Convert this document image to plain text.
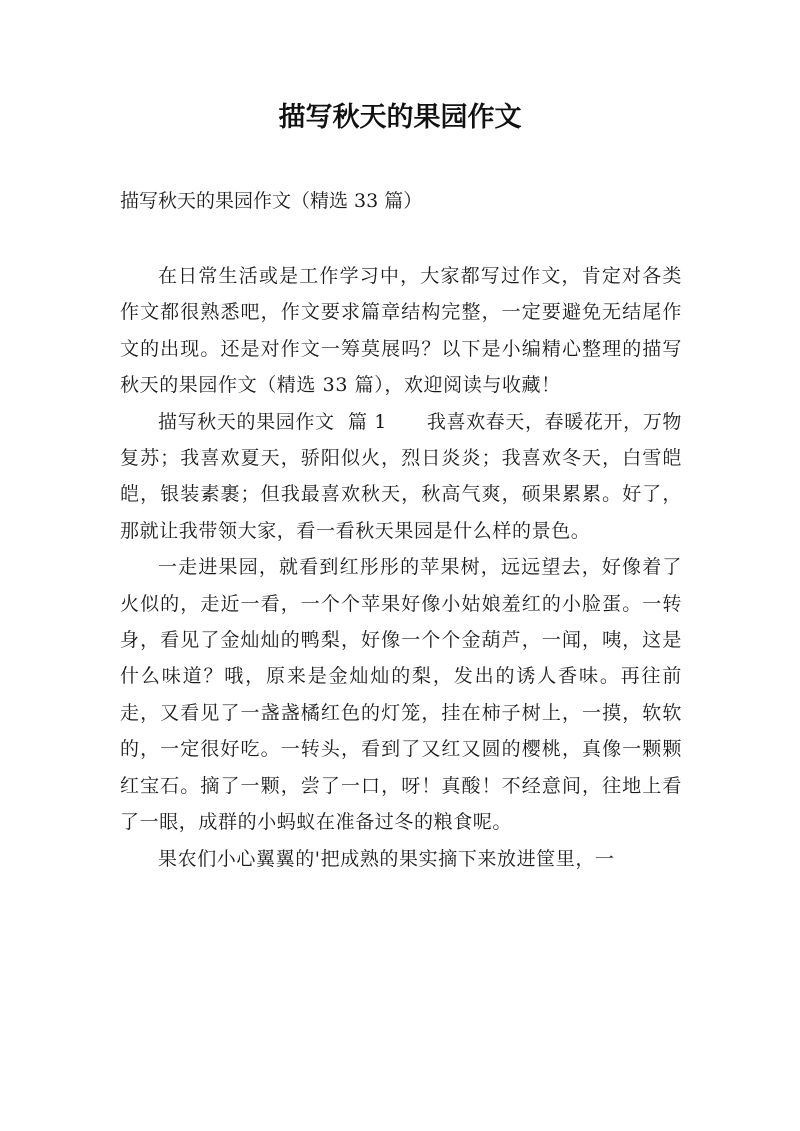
描写秋天的果园作文

描写秋天的果园作文（精选 33 篇）

在日常生活或是工作学习中，大家都写过作文，肯定对各类作文都很熟悉吧，作文要求篇章结构完整，一定要避免无结尾作文的出现。还是对作文一筹莫展吗？以下是小编精心整理的描写秋天的果园作文（精选 33 篇），欢迎阅读与收藏！

描写秋天的果园作文  篇 1      我喜欢春天，春暖花开，万物复苏；我喜欢夏天，骄阳似火，烈日炎炎；我喜欢冬天，白雪皑皑，银装素裹；但我最喜欢秋天，秋高气爽，硕果累累。好了，那就让我带领大家，看一看秋天果园是什么样的景色。

一走进果园，就看到红彤彤的苹果树，远远望去，好像着了火似的，走近一看，一个个苹果好像小姑娘羞红的小脸蛋。一转身，看见了金灿灿的鸭梨，好像一个个金葫芦，一闻，咦，这是什么味道？哦，原来是金灿灿的梨，发出的诱人香味。再往前走，又看见了一盏盏橘红色的灯笼，挂在柿子树上，一摸，软软的，一定很好吃。一转头，看到了又红又圆的樱桃，真像一颗颗红宝石。摘了一颗，尝了一口，呀！真酸！不经意间，往地上看了一眼，成群的小蚂蚁在准备过冬的粮食呢。

果农们小心翼翼的'把成熟的果实摘下来放进筐里，一
